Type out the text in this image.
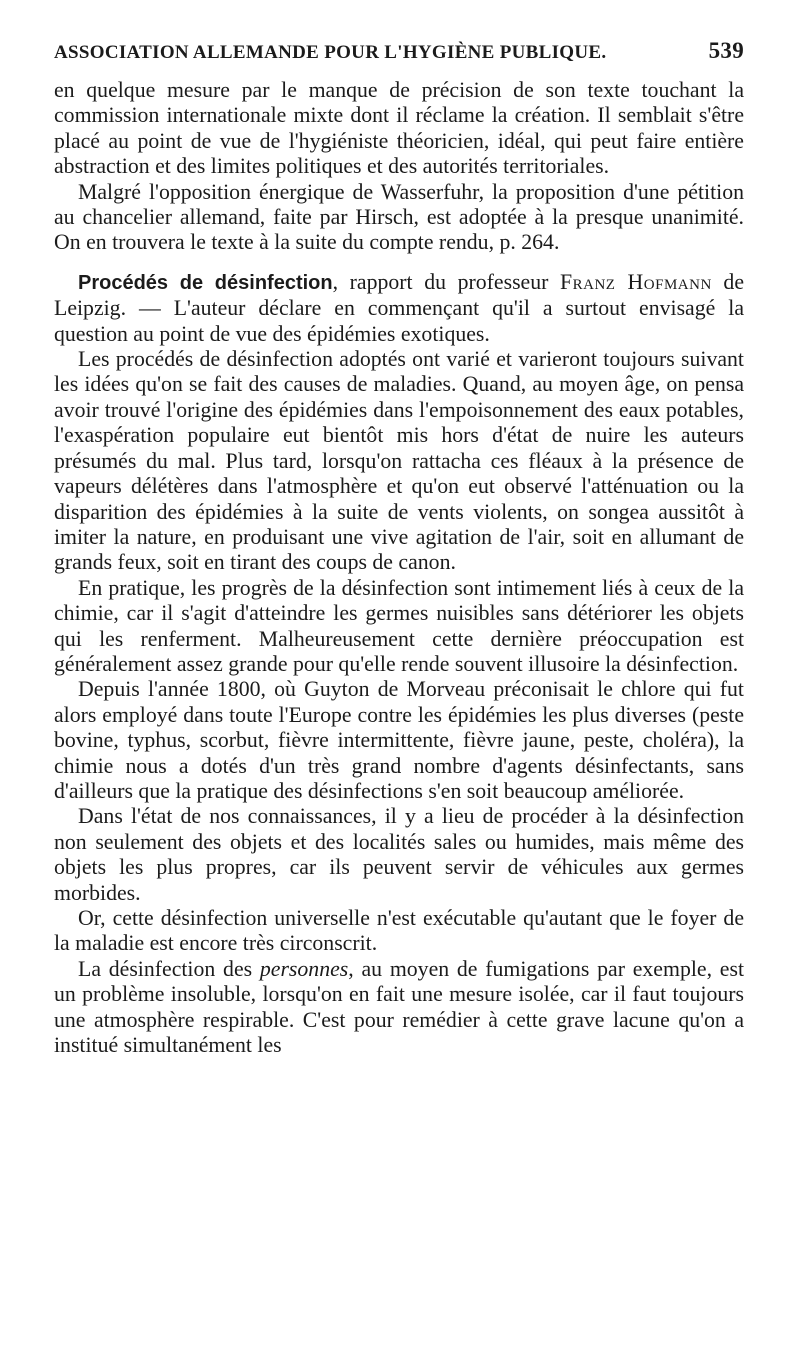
ASSOCIATION ALLEMANDE POUR L'HYGIÈNE PUBLIQUE.	539

en quelque mesure par le manque de précision de son texte touchant la commission internationale mixte dont il réclame la création. Il semblait s'être placé au point de vue de l'hygiéniste théoricien, idéal, qui peut faire entière abstraction et des limites politiques et des autorités territoriales.

Malgré l'opposition énergique de Wasserfuhr, la proposition d'une pétition au chancelier allemand, faite par Hirsch, est adoptée à la presque unanimité. On en trouvera le texte à la suite du compte rendu, p. 264.

Procédés de désinfection, rapport du professeur Franz Hofmann de Leipzig. — L'auteur déclare en commençant qu'il a surtout envisagé la question au point de vue des épidémies exotiques.

Les procédés de désinfection adoptés ont varié et varieront toujours suivant les idées qu'on se fait des causes de maladies. Quand, au moyen âge, on pensa avoir trouvé l'origine des épidémies dans l'empoisonnement des eaux potables, l'exaspération populaire eut bientôt mis hors d'état de nuire les auteurs présumés du mal. Plus tard, lorsqu'on rattacha ces fléaux à la présence de vapeurs délétères dans l'atmosphère et qu'on eut observé l'atténuation ou la disparition des épidémies à la suite de vents violents, on songea aussitôt à imiter la nature, en produisant une vive agitation de l'air, soit en allumant de grands feux, soit en tirant des coups de canon.

En pratique, les progrès de la désinfection sont intimement liés à ceux de la chimie, car il s'agit d'atteindre les germes nuisibles sans détériorer les objets qui les renferment. Malheureusement cette dernière préoccupation est généralement assez grande pour qu'elle rende souvent illusoire la désinfection.

Depuis l'année 1800, où Guyton de Morveau préconisait le chlore qui fut alors employé dans toute l'Europe contre les épidémies les plus diverses (peste bovine, typhus, scorbut, fièvre intermittente, fièvre jaune, peste, choléra), la chimie nous a dotés d'un très grand nombre d'agents désinfectants, sans d'ailleurs que la pratique des désinfections s'en soit beaucoup améliorée.

Dans l'état de nos connaissances, il y a lieu de procéder à la désinfection non seulement des objets et des localités sales ou humides, mais même des objets les plus propres, car ils peuvent servir de véhicules aux germes morbides.

Or, cette désinfection universelle n'est exécutable qu'autant que le foyer de la maladie est encore très circonscrit.

La désinfection des personnes, au moyen de fumigations par exemple, est un problème insoluble, lorsqu'on en fait une mesure isolée, car il faut toujours une atmosphère respirable. C'est pour remédier à cette grave lacune qu'on a institué simultanément les
